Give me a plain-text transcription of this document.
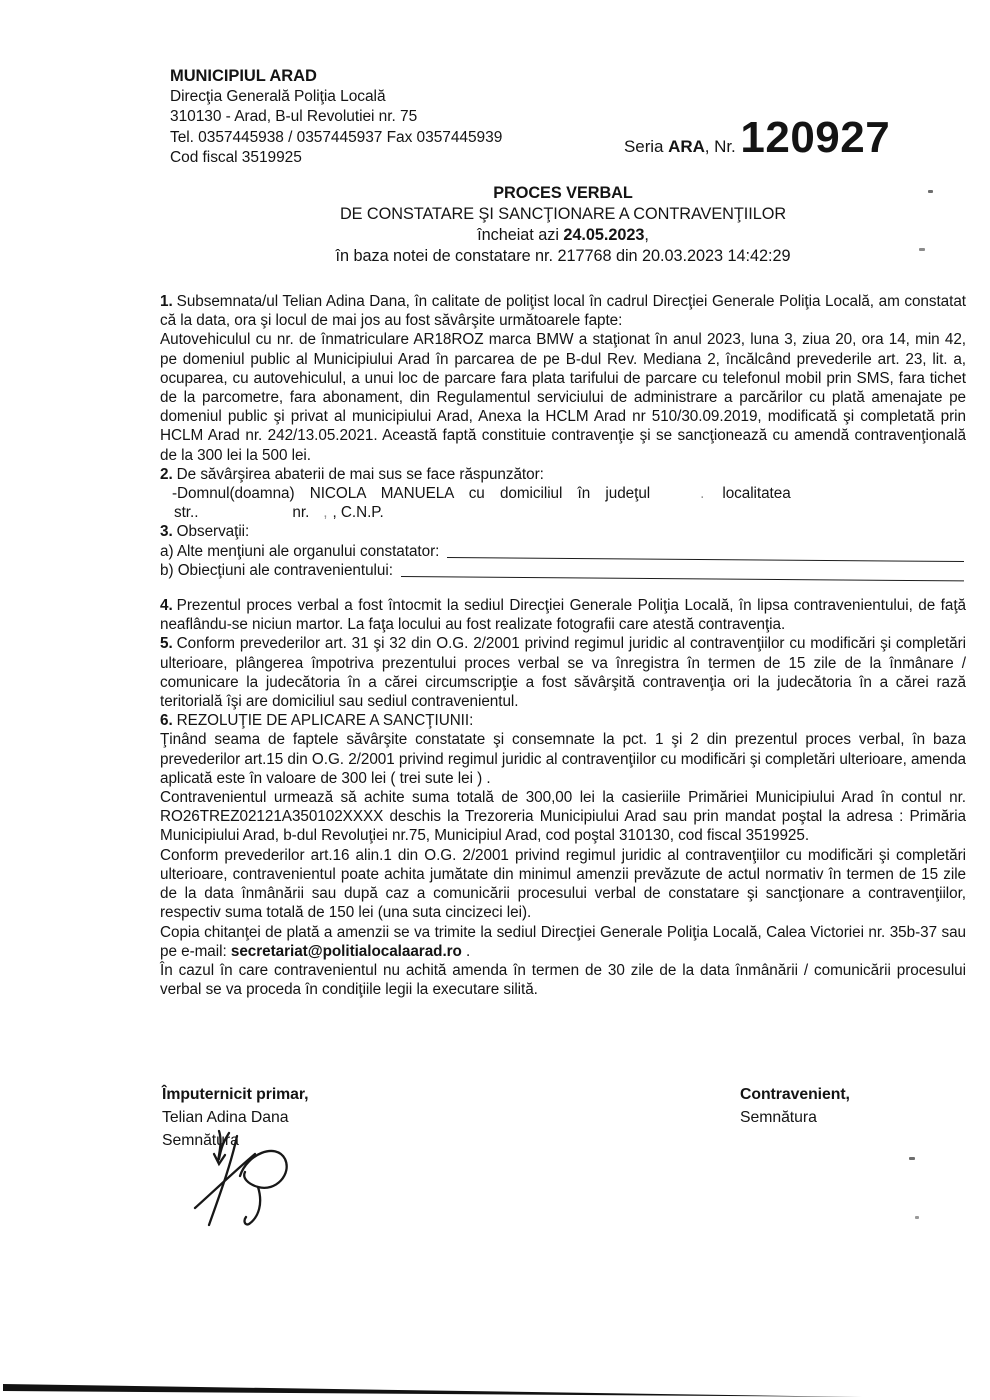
MUNICIPIUL ARAD
Direcţia Generală Poliţia Locală
310130 - Arad, B-ul Revolutiei nr. 75
Tel. 0357445938 / 0357445937 Fax 0357445939
Cod fiscal 3519925
Seria ARA , Nr. 120927
PROCES VERBAL
DE CONSTATARE ŞI SANCŢIONARE A CONTRAVENŢIILOR
încheiat azi 24.05.2023,
în baza notei de constatare nr. 217768 din 20.03.2023 14:42:29

1. Subsemnata/ul Telian Adina Dana, în calitate de poliţist local în cadrul Direcţiei Generale Poliţia Locală, am constatat că la data, ora şi locul de mai jos au fost săvârşite următoarele fapte:

Autovehiculul cu nr. de înmatriculare AR18ROZ marca BMW a staţionat în anul 2023, luna 3, ziua 20, ora 14, min 42, pe domeniul public al Municipiului Arad în parcarea de pe B-dul Rev. Mediana 2, încălcând prevederile art. 23, lit. a, ocuparea, cu autovehiculul, a unui loc de parcare fara plata tarifului de parcare cu telefonul mobil prin SMS, fara tichet de la parcometre, fara abonament, din Regulamentul serviciului de administrare a parcărilor cu plată amenajate pe domeniul public şi privat al municipiului Arad, Anexa la HCLM Arad nr 510/30.09.2019, modificată şi completată prin HCLM Arad nr. 242/13.05.2021. Această faptă constituie contravenţie şi se sancţionează cu amendă contravenţională de la 300 lei la 500 lei.

2. De săvârşirea abaterii de mai sus se face răspunzător:

-Domnul(doamna) NICOLA MANUELA cu domiciliul în judeţul	. localitatea
str..	nr. , , C.N.P.

3. Observaţii:

a) Alte menţiuni ale organului constatator:
b) Obiecţiuni ale contravenientului:

4. Prezentul proces verbal a fost întocmit la sediul Direcţiei Generale Poliţia Locală, în lipsa contravenientului, de faţă neaflându-se niciun martor. La faţa locului au fost realizate fotografii care atestă contravenţia.

5. Conform prevederilor art. 31 şi 32 din O.G. 2/2001 privind regimul juridic al contravenţiilor cu modificări şi completări ulterioare, plângerea împotriva prezentului proces verbal se va înregistra în termen de 15 zile de la înmânare / comunicare la judecătoria în a cărei circumscripţie a fost săvârşită contravenţia ori la judecătoria în a cărei rază teritorială îşi are domiciliul sau sediul contravenientul.

6. REZOLUŢIE DE APLICARE A SANCŢIUNII:

Ţinând seama de faptele săvârşite constatate şi consemnate la pct. 1 şi 2 din prezentul proces verbal, în baza prevederilor art.15 din O.G. 2/2001 privind regimul juridic al contravenţiilor cu modificări şi completări ulterioare, amenda aplicată este în valoare de 300 lei ( trei sute lei ) .

Contravenientul urmează să achite suma totală de 300,00 lei la casieriile Primăriei Municipiului Arad în contul nr. RO26TREZ02121A350102XXXX deschis la Trezoreria Municipiului Arad sau prin mandat poştal la adresa : Primăria Municipiului Arad, b-dul Revoluţiei nr.75, Municipiul Arad, cod poştal 310130, cod fiscal 3519925.

Conform prevederilor art.16 alin.1 din O.G. 2/2001 privind regimul juridic al contravenţiilor cu modificări şi completări ulterioare, contravenientul poate achita jumătate din minimul amenzii prevăzute de actul normativ în termen de 15 zile de la data înmânării sau după caz a comunicării procesului verbal de constatare şi sancţionare a contravenţiilor, respectiv suma totală de 150 lei (una suta cincizeci lei).

Copia chitanţei de plată a amenzii se va trimite la sediul Direcţiei Generale Poliţia Locală, Calea Victoriei nr. 35b-37 sau pe e-mail: secretariat@politialocalaarad.ro .

În cazul în care contravenientul nu achită amenda în termen de 30 zile de la data înmânării / comunicării procesului verbal se va proceda în condiţiile legii la executare silită.

Împuternicit primar,
Telian Adina Dana
Semnătura
Contravenient,
Semnătura
